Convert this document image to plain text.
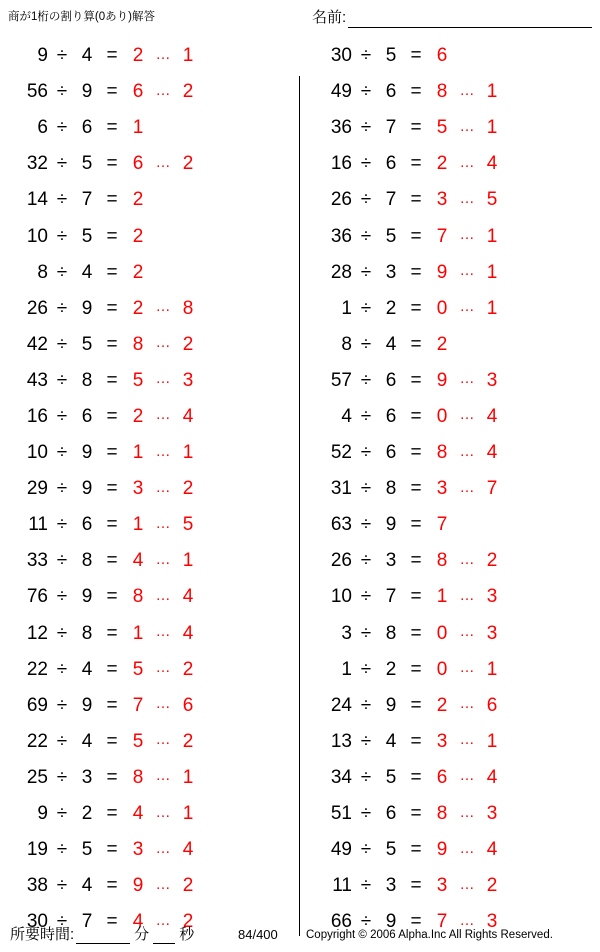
商が1桁の割り算(0あり)解答	名前:
9 ÷ 4 = 2 … 1
56 ÷ 9 = 6 … 2
6 ÷ 6 = 1
32 ÷ 5 = 6 … 2
14 ÷ 7 = 2
10 ÷ 5 = 2
8 ÷ 4 = 2
26 ÷ 9 = 2 … 8
42 ÷ 5 = 8 … 2
43 ÷ 8 = 5 … 3
16 ÷ 6 = 2 … 4
10 ÷ 9 = 1 … 1
29 ÷ 9 = 3 … 2
11 ÷ 6 = 1 … 5
33 ÷ 8 = 4 … 1
76 ÷ 9 = 8 … 4
12 ÷ 8 = 1 … 4
22 ÷ 4 = 5 … 2
69 ÷ 9 = 7 … 6
22 ÷ 4 = 5 … 2
25 ÷ 3 = 8 … 1
9 ÷ 2 = 4 … 1
19 ÷ 5 = 3 … 4
38 ÷ 4 = 9 … 2
30 ÷ 7 = 4 … 2
30 ÷ 5 = 6
49 ÷ 6 = 8 … 1
36 ÷ 7 = 5 … 1
16 ÷ 6 = 2 … 4
26 ÷ 7 = 3 … 5
36 ÷ 5 = 7 … 1
28 ÷ 3 = 9 … 1
1 ÷ 2 = 0 … 1
8 ÷ 4 = 2
57 ÷ 6 = 9 … 3
4 ÷ 6 = 0 … 4
52 ÷ 6 = 8 … 4
31 ÷ 8 = 3 … 7
63 ÷ 9 = 7
26 ÷ 3 = 8 … 2
10 ÷ 7 = 1 … 3
3 ÷ 8 = 0 … 3
1 ÷ 2 = 0 … 1
24 ÷ 9 = 2 … 6
13 ÷ 4 = 3 … 1
34 ÷ 5 = 6 … 4
51 ÷ 6 = 8 … 3
49 ÷ 5 = 9 … 4
11 ÷ 3 = 3 … 2
66 ÷ 9 = 7 … 3
所要時間:	分 秒	84/400 Copyright © 2006 Alpha.Inc All Rights Reserved.
